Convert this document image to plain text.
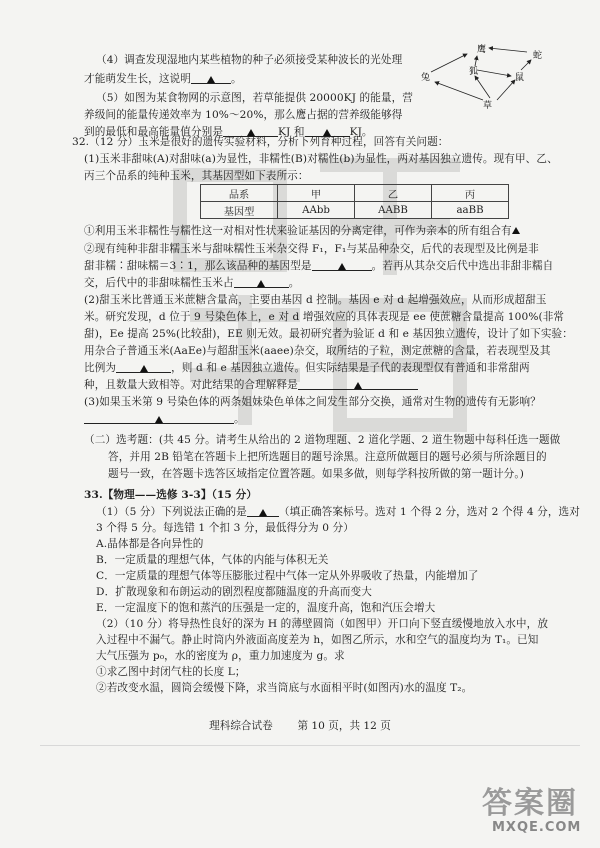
（4）调查发现湿地内某些植物的种子必须接受某种波长的光处理
才能萌发生长，这说明	。
（5）如图为某食物网的示意图，若草能提供 20000KJ 的能量，营
养级间的能量传递效率为 10%～20%，那么鹰占据的营养级能够得
到的最低和最高能量值分别是	KJ 和	KJ。
鹰
兔
狐
蛇
鼠
草
32.（12 分）玉米是很好的遗传实验材料，分析下列育种过程，回答有关问题：
(1)玉米非甜味(A)对甜味(a)为显性，非糯性(B)对糯性(b)为显性，两对基因独立遗传。现有甲、乙、
丙三个品系的纯种玉米，其基因型如下表所示：
品系	甲	乙	丙
基因型	AAbb	AABB	aaBB
①利用玉米非糯性与糯性这一对相对性状来验证基因的分离定律，可作为亲本的所有组合有
②现有纯种非甜非糯玉米与甜味糯性玉米杂交得 F₁，F₁与某品种杂交，后代的表现型及比例是非
甜非糯∶甜味糯＝3∶1，那么该品种的基因型是	。若再从其杂交后代中选出非甜非糯自
交，后代中的非甜味糯性玉米占	。
(2)甜玉米比普通玉米蔗糖含量高，主要由基因 d 控制。基因 e 对 d 起增强效应，从而形成超甜玉
米。研究发现，d 位于 9 号染色体上，e 对 d 增强效应的具体表现是 ee 使蔗糖含量提高 100%(非常
甜)，Ee 提高 25%(比较甜)，EE 则无效。最初研究者为验证 d 和 e 基因独立遗传，设计了如下实验：
用杂合子普通玉米(AaEe)与超甜玉米(aaee)杂交，取所结的子粒，测定蔗糖的含量，若表现型及其
比例为	，则 d 和 e 基因独立遗传。但实际结果是子代的表现型仅有普通和非常甜两
种，且数量大致相等。对此结果的合理解释是
(3)如果玉米第 9 号染色体的两条姐妹染色单体之间发生部分交换，通常对生物的遗传有无影响？
。
（二）选考题：(共 45 分。请考生从给出的 2 道物理题、2 道化学题、2 道生物题中每科任选一题做
答，并用 2B 铅笔在答题卡上把所选题目的题号涂黑。注意所做题目的题号必须与所涂题目的
题号一致，在答题卡选答区域指定位置答题。如果多做，则每学科按所做的第一题计分。)
33.【物理——选修 3-3】（15 分）
（1）（5 分）下列说法正确的是	（填正确答案标号。选对 1 个得 2 分，选对 2 个得 4 分，选对
3 个得 5 分。每选错 1 个扣 3 分，最低得分为 0 分）
A.晶体都是各向异性的
B．一定质量的理想气体，气体的内能与体积无关
C．一定质量的理想气体等压膨胀过程中气体一定从外界吸收了热量，内能增加了
D．扩散现象和布朗运动的剧烈程度都随温度的升高而变大
E．一定温度下的饱和蒸汽的压强是一定的，温度升高，饱和汽压会增大
（2）（10 分）将导热性良好的深为 H 的薄壁圆筒（如图甲）开口向下竖直缓慢地放入水中，放
入过程中不漏气。静止时筒内外液面高度差为 h，如图乙所示，水和空气的温度均为 T₁。已知
大气压强为 p₀，水的密度为 ρ，重力加速度为 g。求
①求乙图中封闭气柱的长度 L；
②若改变水温，圆筒会缓慢下降，求当筒底与水面相平时(如图丙)水的温度 T₂。
理科综合试卷 第 10 页，共 12 页
答案圈
MXQE.COM
